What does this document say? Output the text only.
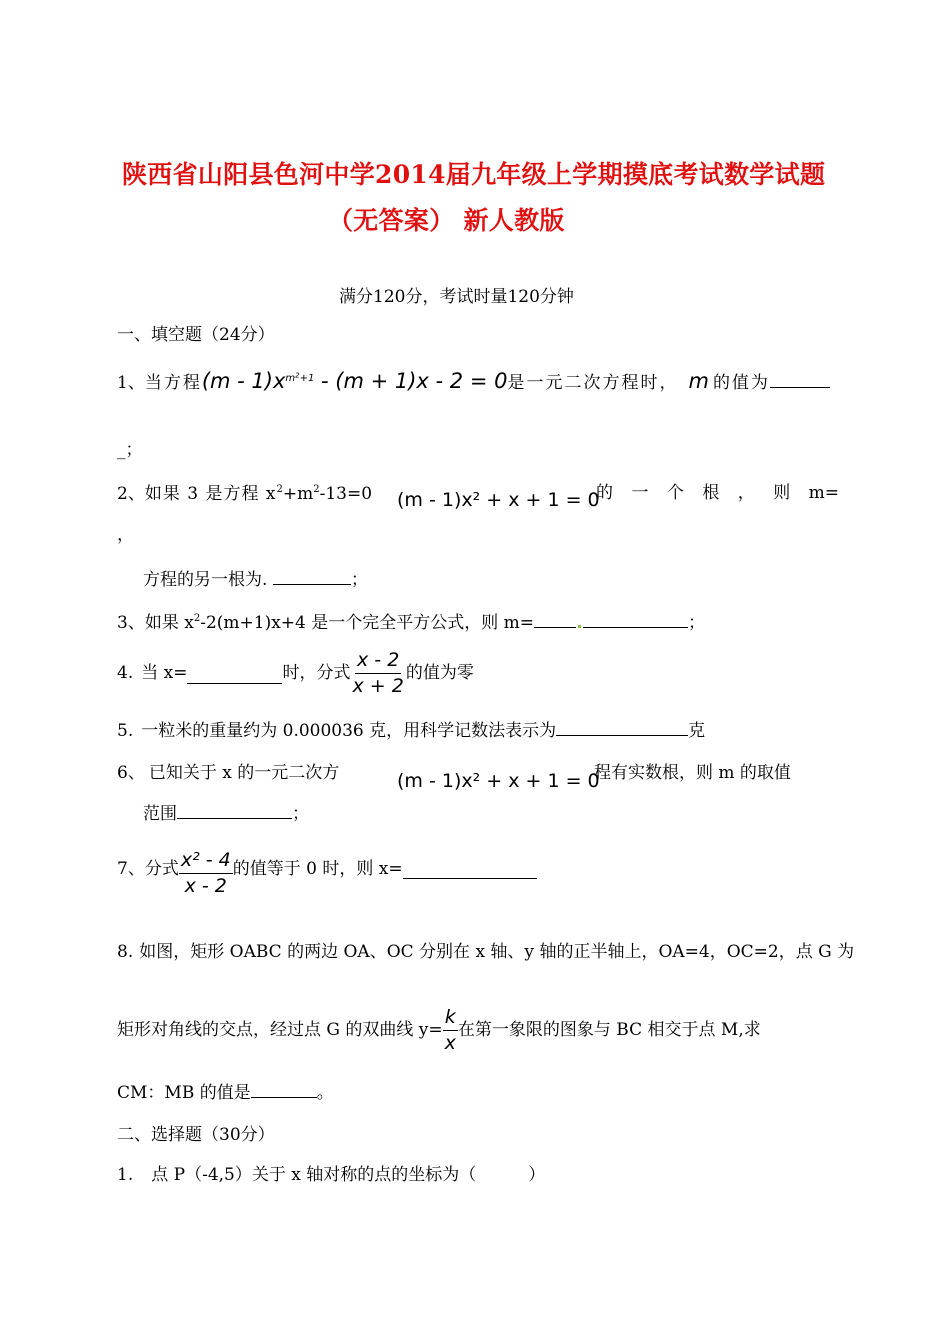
陕西省山阳县色河中学2014届九年级上学期摸底考试数学试题
（无答案） 新人教版
满分120分，考试时量120分钟
一、填空题（24分）
1、当方程$(m - 1)x^{m^2+1} - (m + 1)x - 2 = 0$是一元二次方程时， m 的值为
_；
2、如果 3 是方程 $x^2+m^2-13=0$ (m - 1)x² + x + 1 = 0
的 一 个 根 ， 则 m=
，
方程的另一根为.	；
3、如果 $x^2-2(m+1)x+4$ 是一个完全平方公式，则 m=	；
4. 当 x=	时，分式 $\frac{x - 2}{x + 2}$ 的值为零
5. 一粒米的重量约为 0.000036 克，用科学记数法表示为	克
6、 已知关于 x 的一元二次方	(m - 1)x² + x + 1 = 0
程有实数根，则 m 的取值
范围	；
7、 分式 $\frac{\text{x² - 4}}{x - 2}$ 的值等于 0 时，则 x=
8. 如图，矩形 OABC 的两边 OA、OC 分别在 x 轴、y 轴的正半轴上，OA=4，OC=2，点 G 为
矩形对角线的交点，经过点 G 的双曲线 $y= \frac{k}{x}$ 在第一象限的图象与 BC 相交于点 M,求
CM：MB 的值是	。
二、选择题（30分）
1. 点 P（-4,5）关于 x 轴对称的点的坐标为（	）
